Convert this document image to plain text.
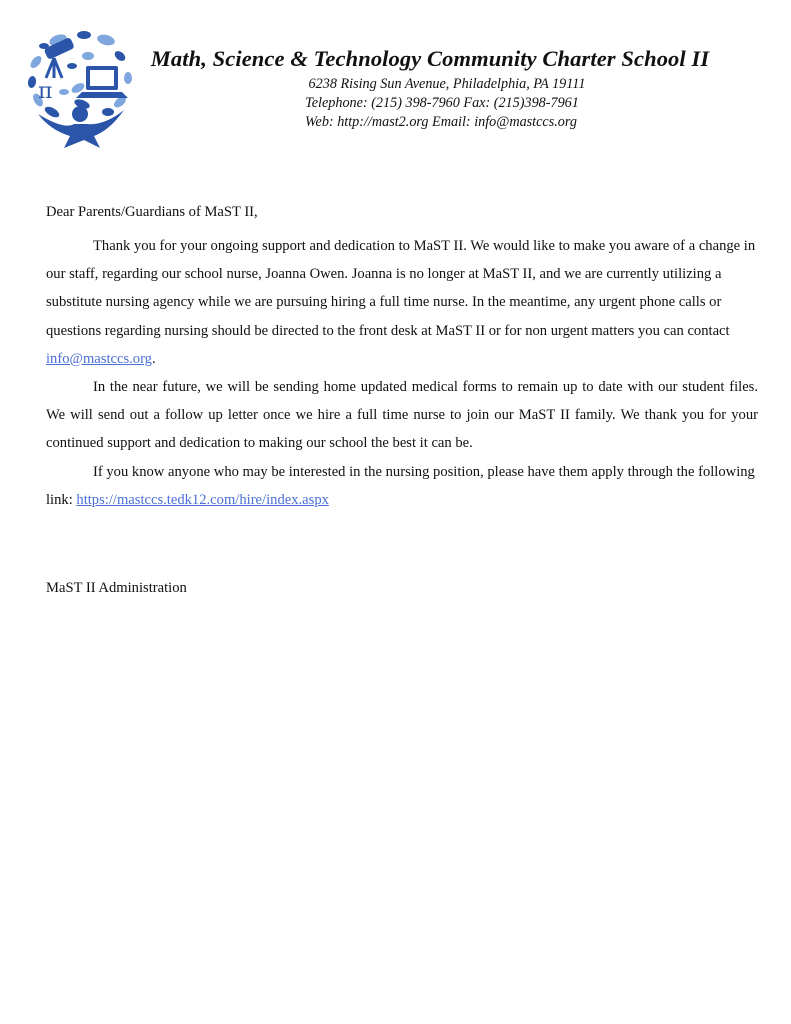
π
Math, Science & Technology Community Charter School II
6238 Rising Sun Avenue, Philadelphia, PA 19111
Telephone: (215) 398-7960 Fax: (215)398-7961
Web: http://mast2.org Email: info@mastccs.org
Dear Parents/Guardians of MaST II,

Thank you for your ongoing support and dedication to MaST II. We would like to make you aware of a change in our staff, regarding our school nurse, Joanna Owen. Joanna is no longer at MaST II, and we are currently utilizing a substitute nursing agency while we are pursuing hiring a full time nurse. In the meantime, any urgent phone calls or questions regarding nursing should be directed to the front desk at MaST II or for non urgent matters you can contact info@mastccs.org.

In the near future, we will be sending home updated medical forms to remain up to date with our student files. We will send out a follow up letter once we hire a full time nurse to join our MaST II family. We thank you for your continued support and dedication to making our school the best it can be.

If you know anyone who may be interested in the nursing position, please have them apply through the following link: https://mastccs.tedk12.com/hire/index.aspx

MaST II Administration
